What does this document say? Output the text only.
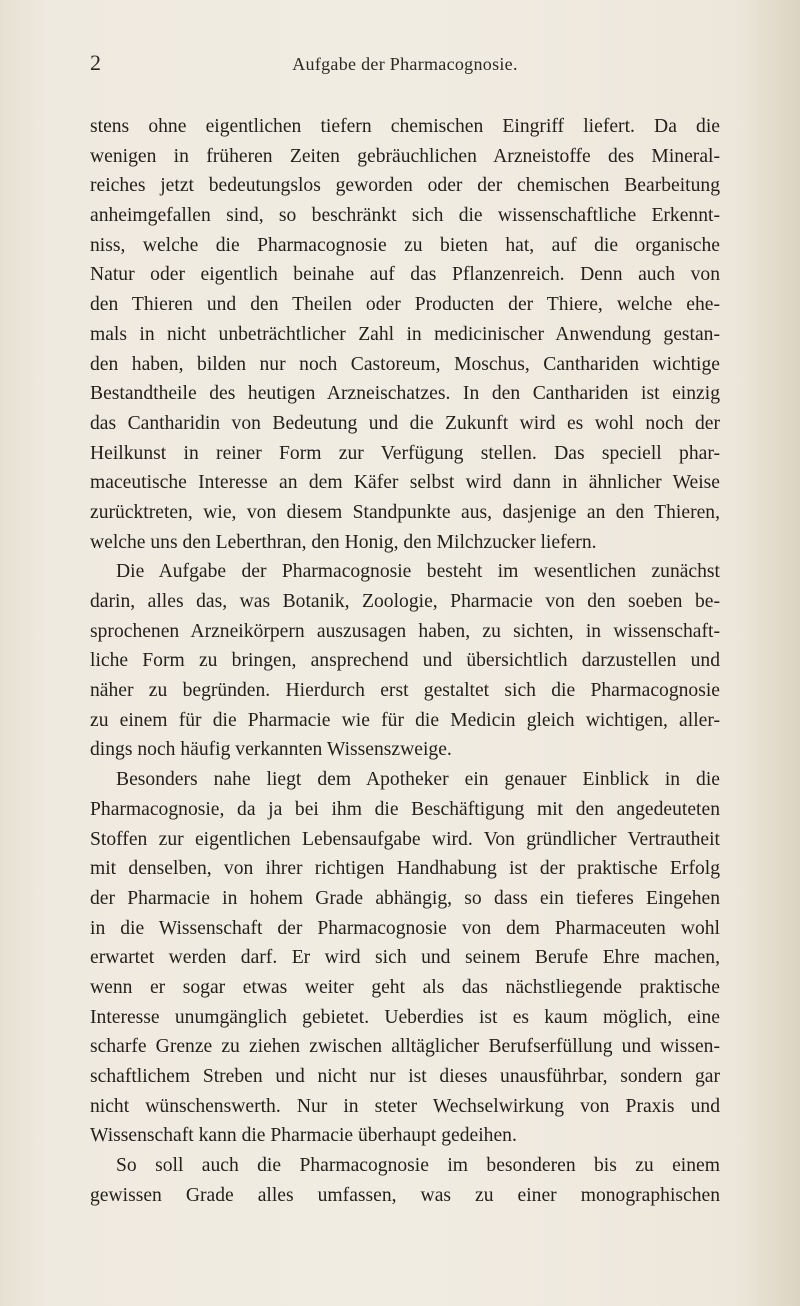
2	Aufgabe der Pharmacognosie.
stens ohne eigentlichen tiefern chemischen Eingriff liefert. Da die
wenigen in früheren Zeiten gebräuchlichen Arzneistoffe des Mineral-
reiches jetzt bedeutungslos geworden oder der chemischen Bearbeitung
anheimgefallen sind, so beschränkt sich die wissenschaftliche Erkennt-
niss, welche die Pharmacognosie zu bieten hat, auf die organische
Natur oder eigentlich beinahe auf das Pflanzenreich. Denn auch von
den Thieren und den Theilen oder Producten der Thiere, welche ehe-
mals in nicht unbeträchtlicher Zahl in medicinischer Anwendung gestan-
den haben, bilden nur noch Castoreum, Moschus, Canthariden wichtige
Bestandtheile des heutigen Arzneischatzes. In den Canthariden ist einzig
das Cantharidin von Bedeutung und die Zukunft wird es wohl noch der
Heilkunst in reiner Form zur Verfügung stellen. Das speciell phar-
maceutische Interesse an dem Käfer selbst wird dann in ähnlicher Weise
zurücktreten, wie, von diesem Standpunkte aus, dasjenige an den Thieren,
welche uns den Leberthran, den Honig, den Milchzucker liefern.
Die Aufgabe der Pharmacognosie besteht im wesentlichen zunächst
darin, alles das, was Botanik, Zoologie, Pharmacie von den soeben be-
sprochenen Arzneikörpern auszusagen haben, zu sichten, in wissenschaft-
liche Form zu bringen, ansprechend und übersichtlich darzustellen und
näher zu begründen. Hierdurch erst gestaltet sich die Pharmacognosie
zu einem für die Pharmacie wie für die Medicin gleich wichtigen, aller-
dings noch häufig verkannten Wissenszweige.
Besonders nahe liegt dem Apotheker ein genauer Einblick in die
Pharmacognosie, da ja bei ihm die Beschäftigung mit den angedeuteten
Stoffen zur eigentlichen Lebensaufgabe wird. Von gründlicher Vertrautheit
mit denselben, von ihrer richtigen Handhabung ist der praktische Erfolg
der Pharmacie in hohem Grade abhängig, so dass ein tieferes Eingehen
in die Wissenschaft der Pharmacognosie von dem Pharmaceuten wohl
erwartet werden darf. Er wird sich und seinem Berufe Ehre machen,
wenn er sogar etwas weiter geht als das nächstliegende praktische
Interesse unumgänglich gebietet. Ueberdies ist es kaum möglich, eine
scharfe Grenze zu ziehen zwischen alltäglicher Berufserfüllung und wissen-
schaftlichem Streben und nicht nur ist dieses unausführbar, sondern gar
nicht wünschenswerth. Nur in steter Wechselwirkung von Praxis und
Wissenschaft kann die Pharmacie überhaupt gedeihen.
So soll auch die Pharmacognosie im besonderen bis zu einem
gewissen Grade alles umfassen, was zu einer monographischen
